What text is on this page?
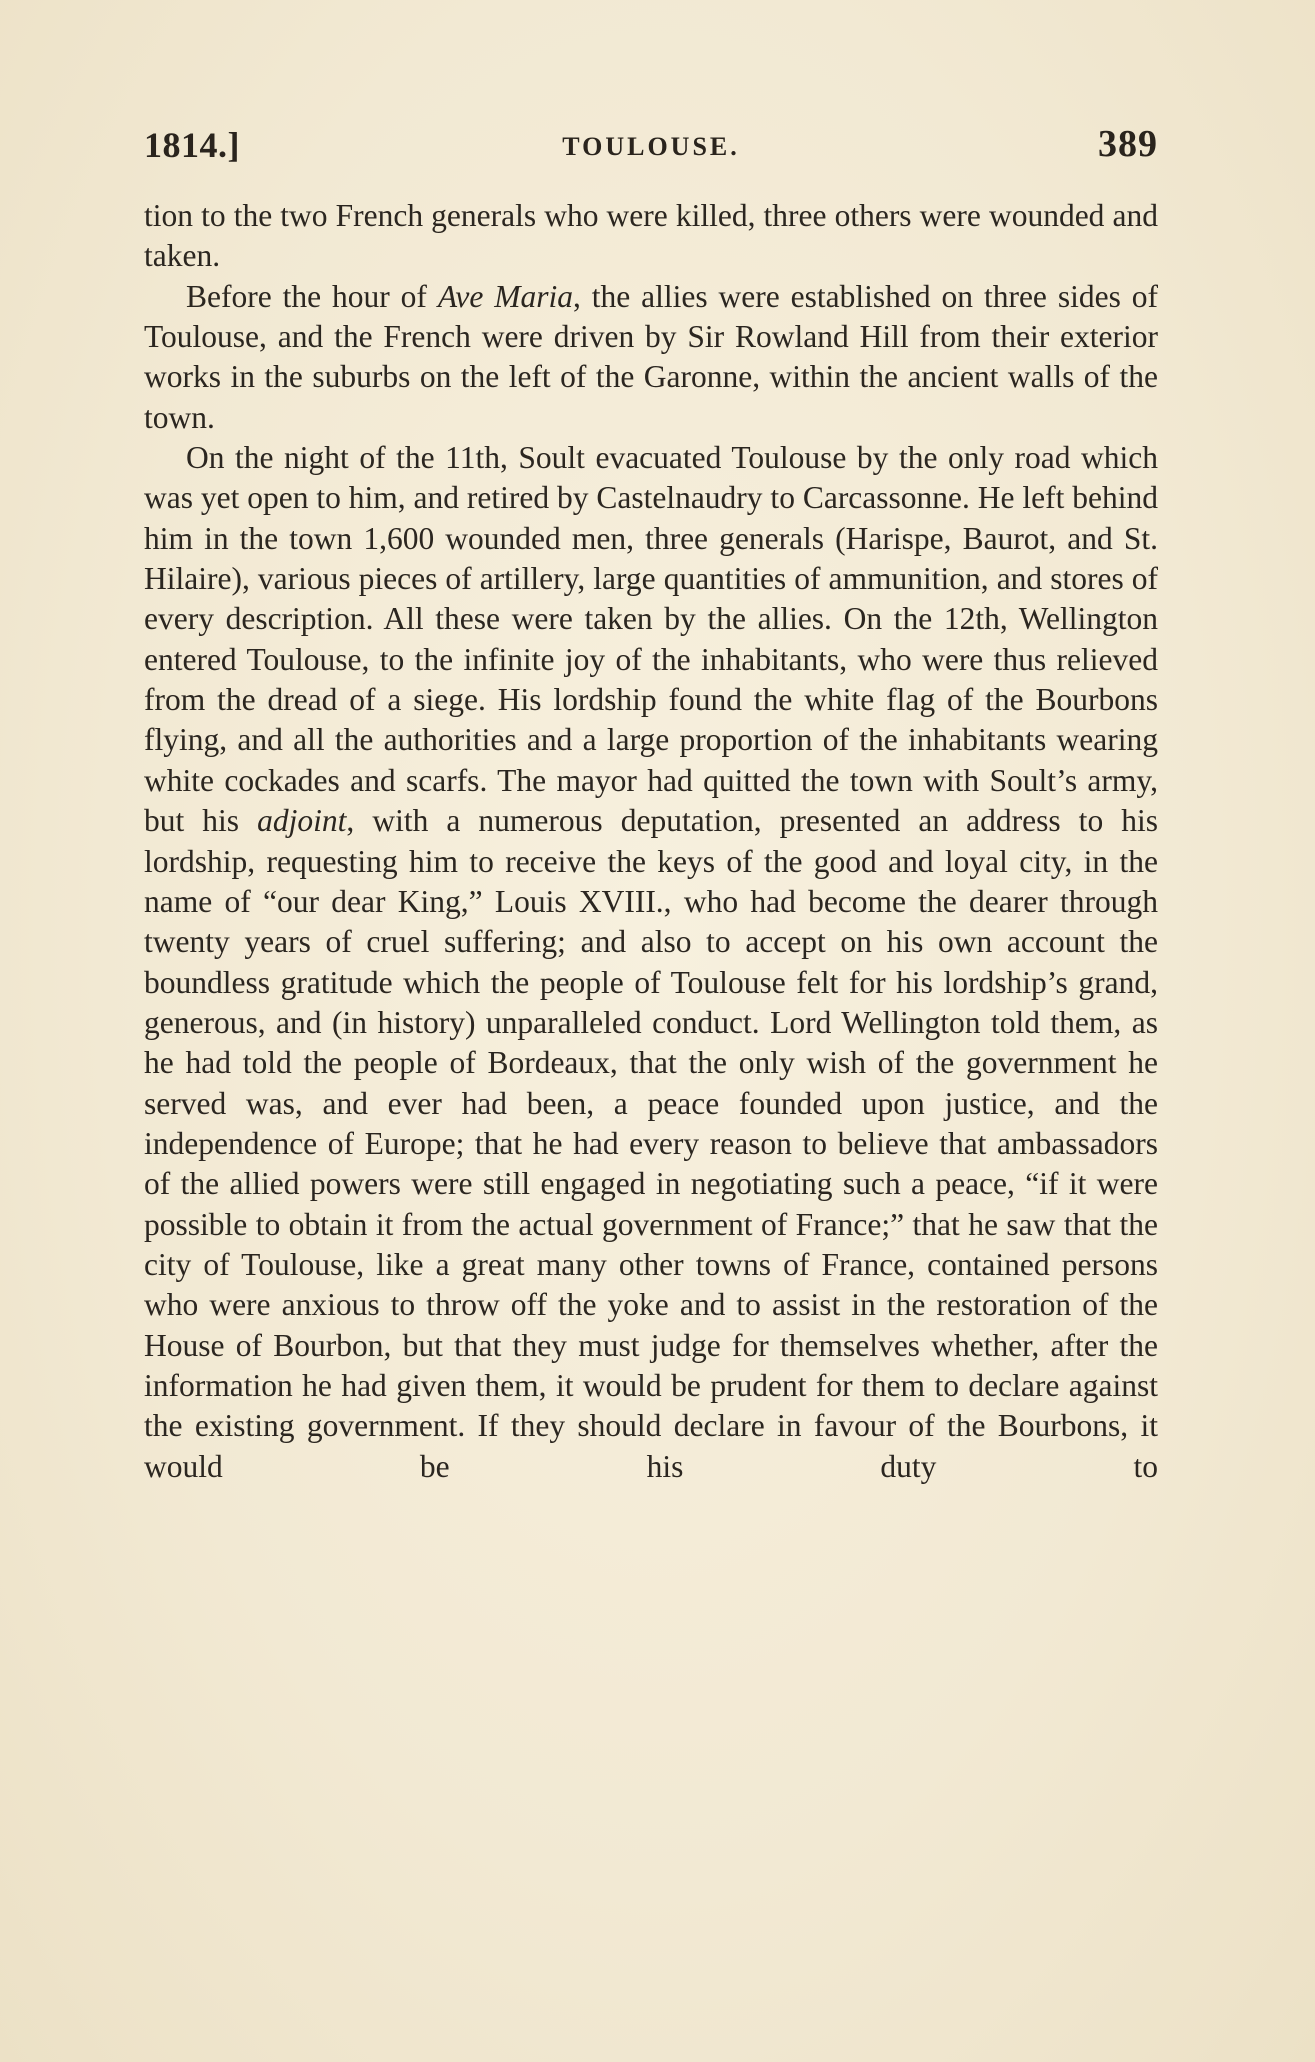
1814.]	TOULOUSE.	389

tion to the two French generals who were killed, three others were wounded and taken.

Before the hour of Ave Maria, the allies were established on three sides of Toulouse, and the French were driven by Sir Rowland Hill from their exterior works in the suburbs on the left of the Garonne, within the ancient walls of the town.

On the night of the 11th, Soult evacuated Toulouse by the only road which was yet open to him, and retired by Castelnaudry to Carcassonne. He left behind him in the town 1,600 wounded men, three generals (Harispe, Baurot, and St. Hilaire), various pieces of artillery, large quantities of ammunition, and stores of every description. All these were taken by the allies. On the 12th, Wellington entered Toulouse, to the infinite joy of the inhabitants, who were thus relieved from the dread of a siege. His lordship found the white flag of the Bourbons flying, and all the authorities and a large proportion of the inhabitants wearing white cockades and scarfs. The mayor had quitted the town with Soult’s army, but his adjoint, with a numerous deputation, presented an address to his lordship, requesting him to receive the keys of the good and loyal city, in the name of “our dear King,” Louis XVIII., who had become the dearer through twenty years of cruel suffering; and also to accept on his own account the boundless gratitude which the people of Toulouse felt for his lordship’s grand, generous, and (in history) unparalleled conduct. Lord Wellington told them, as he had told the people of Bordeaux, that the only wish of the government he served was, and ever had been, a peace founded upon justice, and the independence of Europe; that he had every reason to believe that ambassadors of the allied powers were still engaged in negotiating such a peace, “if it were possible to obtain it from the actual government of France;” that he saw that the city of Toulouse, like a great many other towns of France, contained persons who were anxious to throw off the yoke and to assist in the restoration of the House of Bourbon, but that they must judge for themselves whether, after the information he had given them, it would be prudent for them to declare against the existing government. If they should declare in favour of the Bourbons, it would be his duty to
